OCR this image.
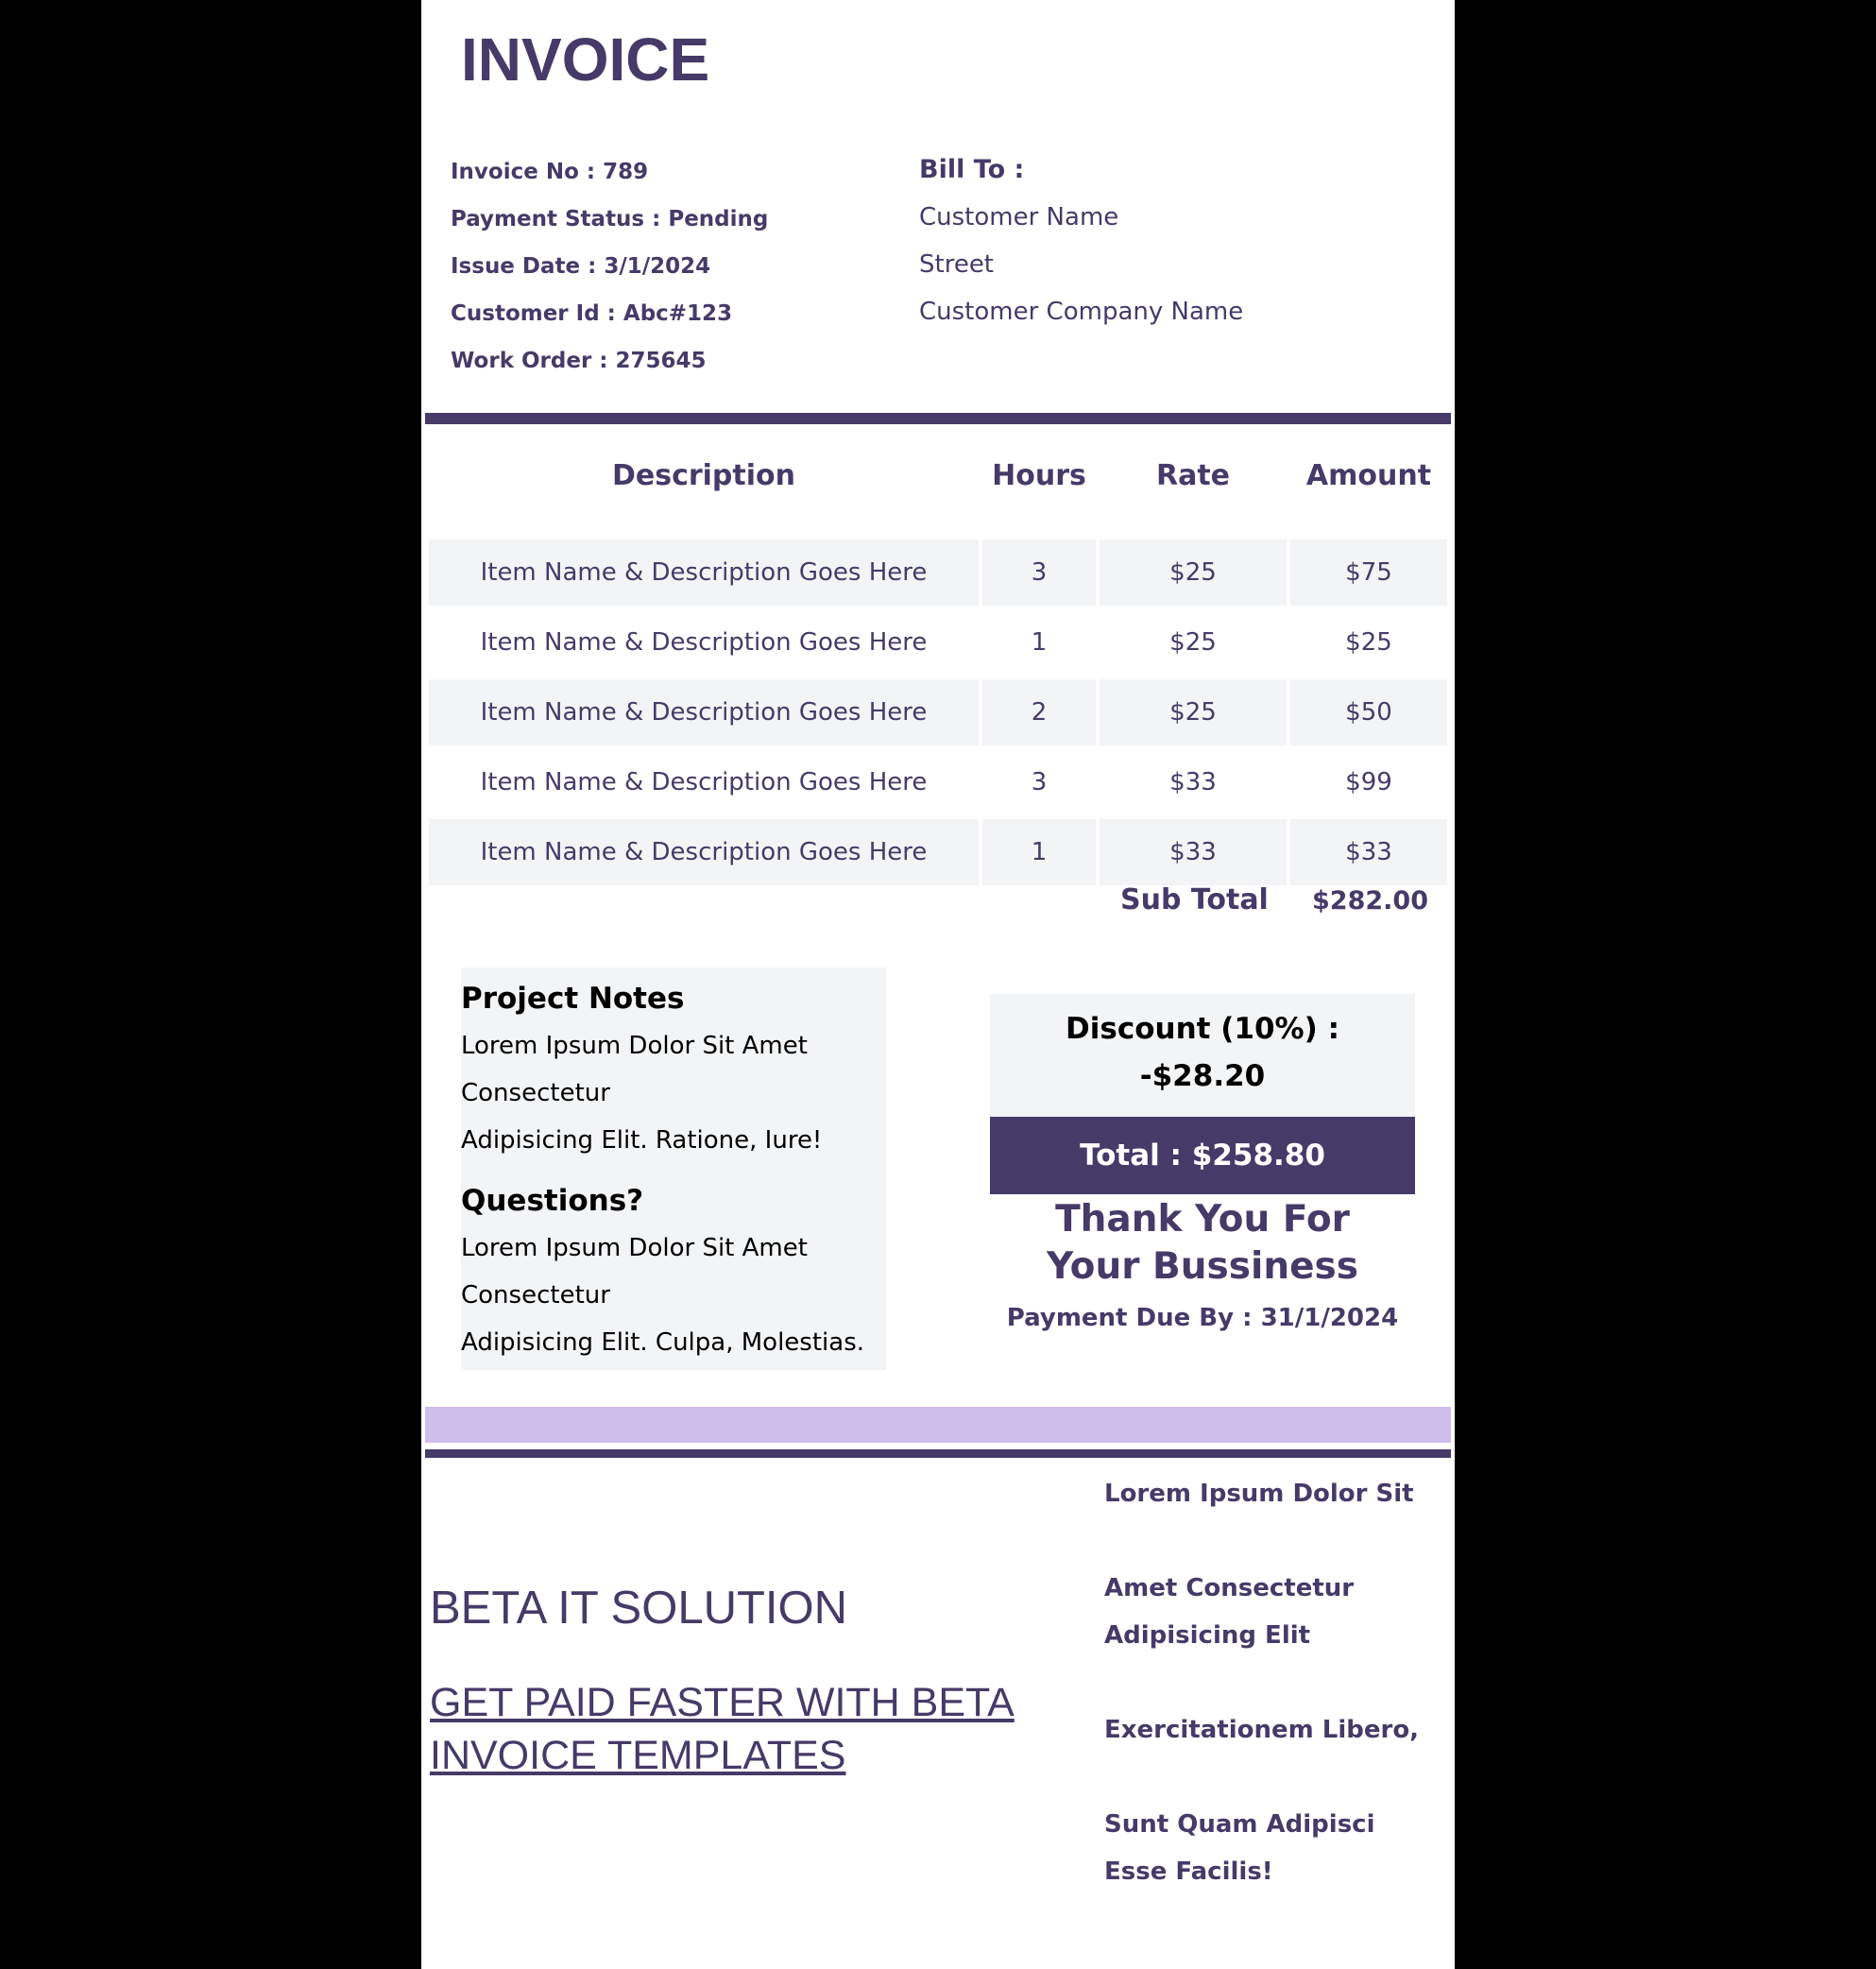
INVOICE
Invoice No : 789
Payment Status : Pending
Issue Date : 3/1/2024
Customer Id : Abc#123
Work Order : 275645
Bill To :
Customer Name
Street
Customer Company Name
Description	Hours	Rate	Amount
Item Name & Description Goes Here	3	$25	$75
Item Name & Description Goes Here	1	$25	$25
Item Name & Description Goes Here	2	$25	$50
Item Name & Description Goes Here	3	$33	$99
Item Name & Description Goes Here	1	$33	$33
Sub Total $282.00
Project Notes
Lorem Ipsum Dolor Sit Amet
Consectetur
Adipisicing Elit. Ratione, Iure!
Questions?
Lorem Ipsum Dolor Sit Amet
Consectetur
Adipisicing Elit. Culpa, Molestias.
Discount (10%) :
-$28.20
Total : $258.80
Thank You For
Your Bussiness
Payment Due By : 31/1/2024
BETA IT SOLUTION
GET PAID FASTER WITH BETA INVOICE TEMPLATES
Lorem Ipsum Dolor Sit
Amet Consectetur
Adipisicing Elit
Exercitationem Libero,
Sunt Quam Adipisci
Esse Facilis!
